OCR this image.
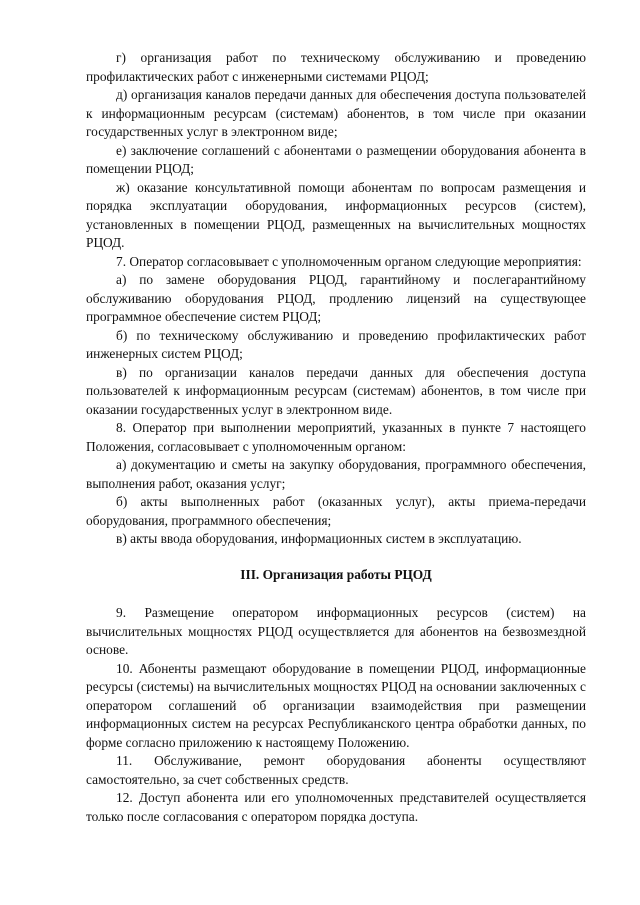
г) организация работ по техническому обслуживанию и проведению профилактических работ с инженерными системами РЦОД;

д) организация каналов передачи данных для обеспечения доступа пользователей к информационным ресурсам (системам) абонентов, в том числе при оказании государственных услуг в электронном виде;

е) заключение соглашений с абонентами о размещении оборудования абонента в помещении РЦОД;

ж) оказание консультативной помощи абонентам по вопросам размещения и порядка эксплуатации оборудования, информационных ресурсов (систем), установленных в помещении РЦОД, размещенных на вычислительных мощностях РЦОД.

7. Оператор согласовывает с уполномоченным органом следующие мероприятия:

а) по замене оборудования РЦОД, гарантийному и послегарантийному обслуживанию оборудования РЦОД, продлению лицензий на существующее программное обеспечение систем РЦОД;

б) по техническому обслуживанию и проведению профилактических работ инженерных систем РЦОД;

в) по организации каналов передачи данных для обеспечения доступа пользователей к информационным ресурсам (системам) абонентов, в том числе при оказании государственных услуг в электронном виде.

8. Оператор при выполнении мероприятий, указанных в пункте 7 настоящего Положения, согласовывает с уполномоченным органом:

а) документацию и сметы на закупку оборудования, программного обеспечения, выполнения работ, оказания услуг;

б) акты выполненных работ (оказанных услуг), акты приема-передачи оборудования, программного обеспечения;

в) акты ввода оборудования, информационных систем в эксплуатацию.

III. Организация работы РЦОД

9. Размещение оператором информационных ресурсов (систем) на вычислительных мощностях РЦОД осуществляется для абонентов на безвозмездной основе.

10. Абоненты размещают оборудование в помещении РЦОД, информационные ресурсы (системы) на вычислительных мощностях РЦОД на основании заключенных с оператором соглашений об организации взаимодействия при размещении информационных систем на ресурсах Республиканского центра обработки данных, по форме согласно приложению к настоящему Положению.

11. Обслуживание, ремонт оборудования абоненты осуществляют самостоятельно, за счет собственных средств.

12. Доступ абонента или его уполномоченных представителей осуществляется только после согласования с оператором порядка доступа.
